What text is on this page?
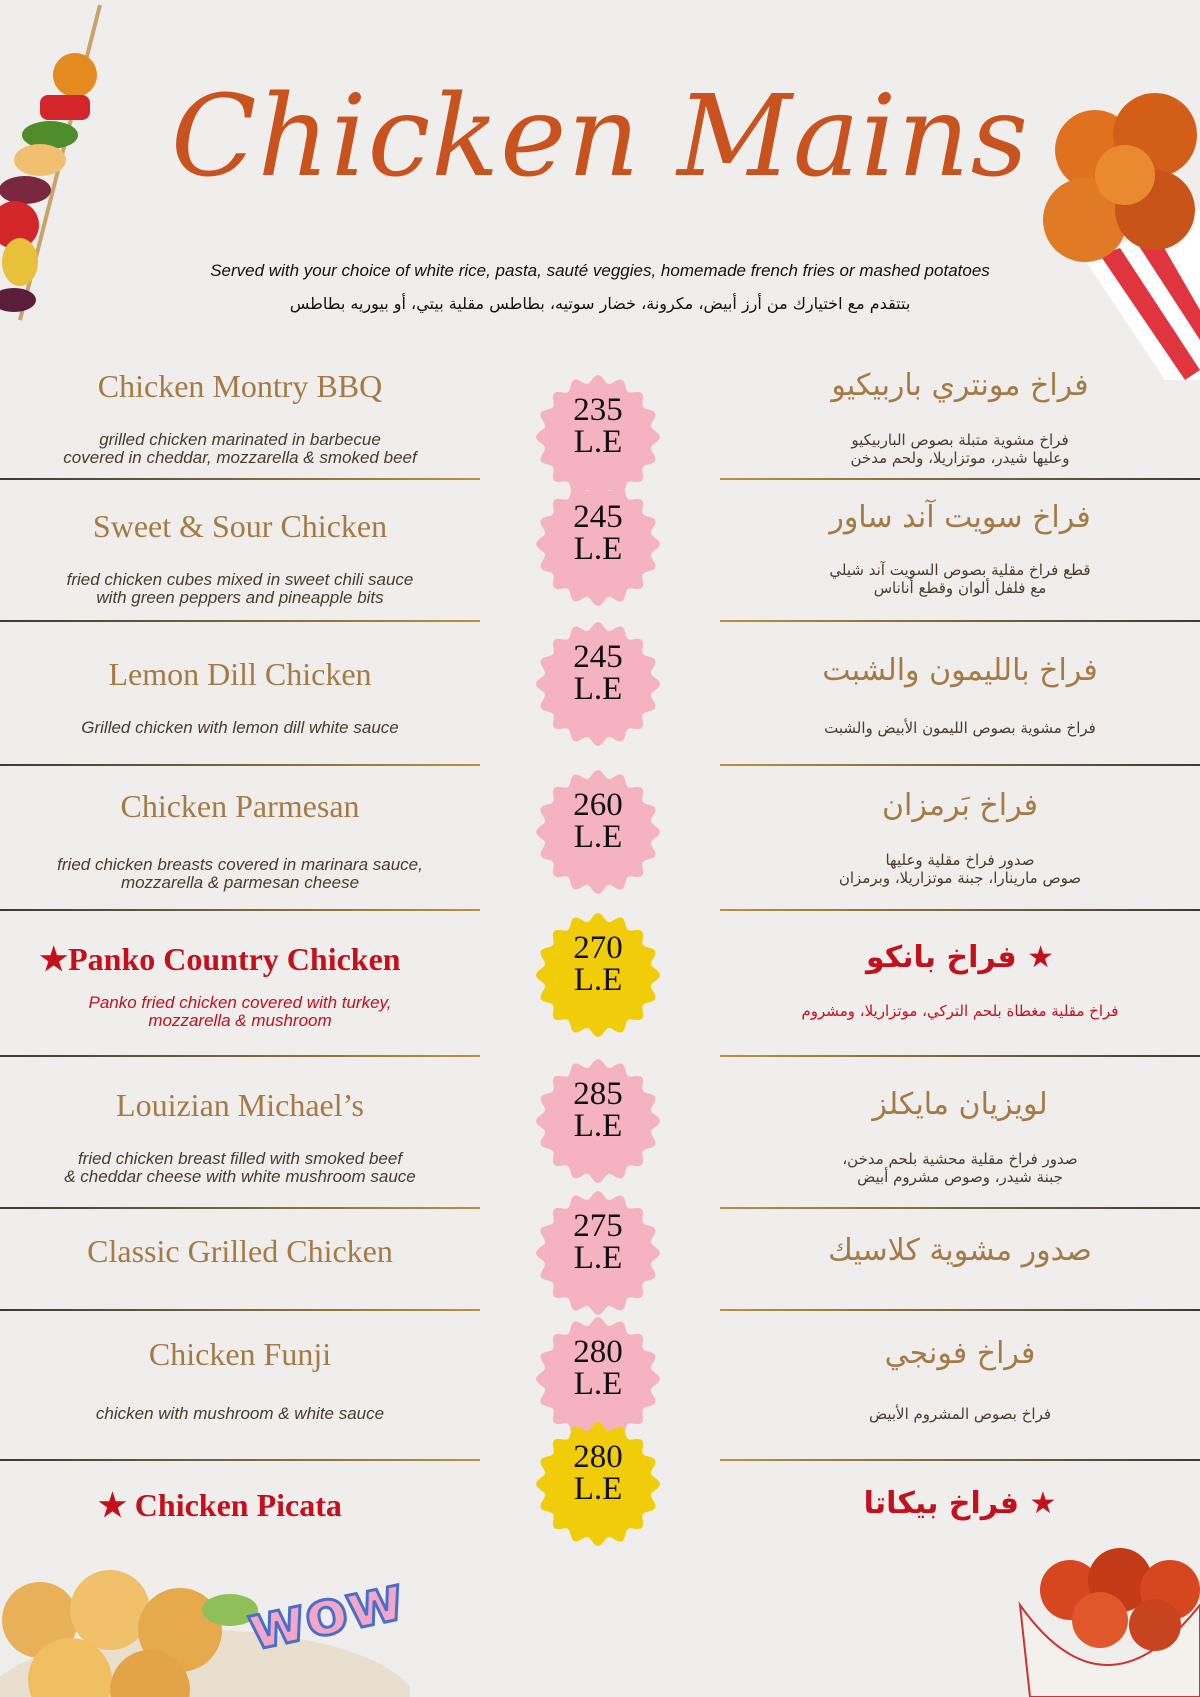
wow
Chicken Mains
Served with your choice of white rice, pasta, sauté veggies, homemade french fries or mashed potatoes
بتتقدم مع اختيارك من أرز أبيض، مكرونة، خضار سوتيه، بطاطس مقلية بيتي، أو بيوريه بطاطس
Chicken Montry BBQ
grilled chicken marinated in barbecue
covered in cheddar, mozzarella & smoked beef
فراخ مونتري باربيكيو
فراخ مشوية متبلة بصوص الباربيكيو
وعليها شيدر، موتزاريلا، ولحم مدخن
Sweet & Sour Chicken
fried chicken cubes mixed in sweet chili sauce
with green peppers and pineapple bits
فراخ سويت آند ساور
قطع فراخ مقلية بصوص السويت آند شيلي
مع فلفل ألوان وقطع أناناس
Lemon Dill Chicken
Grilled chicken with lemon dill white sauce
فراخ بالليمون والشبت
فراخ مشوية بصوص الليمون الأبيض والشبت
Chicken Parmesan
fried chicken breasts covered in marinara sauce,
mozzarella & parmesan cheese
فراخ بَرمزان
صدور فراخ مقلية وعليها
صوص مارينارا، جبنة موتزاريلا، وبرمزان
★Panko Country Chicken
Panko fried chicken covered with turkey,
mozzarella & mushroom
★ فراخ بانكو
فراخ مقلية مغطاة بلحم التركي، موتزاريلا، ومشروم
Louizian Michael’s
fried chicken breast filled with smoked beef
& cheddar cheese with white mushroom sauce
لويزيان مايكلز
صدور فراخ مقلية محشية بلحم مدخن،
جبنة شيدر، وصوص مشروم أبيض
Classic Grilled Chicken	صدور مشوية كلاسيك
Chicken Funji
chicken with mushroom & white sauce
فراخ فونجي
فراخ بصوص المشروم الأبيض
★ Chicken Picata	★ فراخ بيكاتا
235
L.E
245
L.E
245
L.E
260
L.E
270
L.E
285
L.E
275
L.E
280
L.E
280
L.E
